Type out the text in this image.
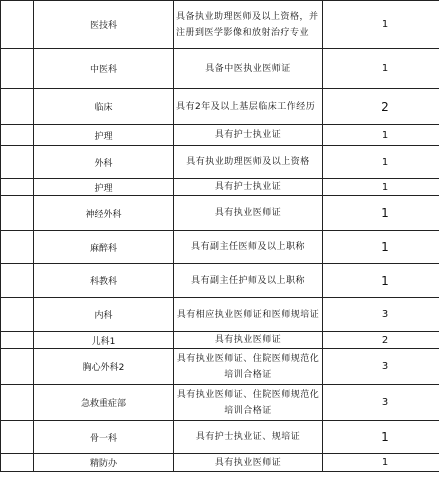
	医技科	具备执业助理医师及以上资格，并注册到医学影像和放射治疗专业	1
	中医科	具备中医执业医师证	1
	临床	具有2年及以上基层临床工作经历	2
	护理	具有护士执业证	1
	外科	具有执业助理医师及以上资格	1
	护理	具有护士执业证	1
	神经外科	具有执业医师证	1
	麻醉科	具有副主任医师及以上职称	1
	科教科	具有副主任护师及以上职称	1
	内科	具有相应执业医师证和医师规培证	3
	儿科1	具有执业医师证	2
	胸心外科2	具有执业医师证、住院医师规范化培训合格证	3
	急救重症部	具有执业医师证、住院医师规范化培训合格证	3
	骨一科	具有护士执业证、规培证	1
	精防办	具有执业医师证	1
